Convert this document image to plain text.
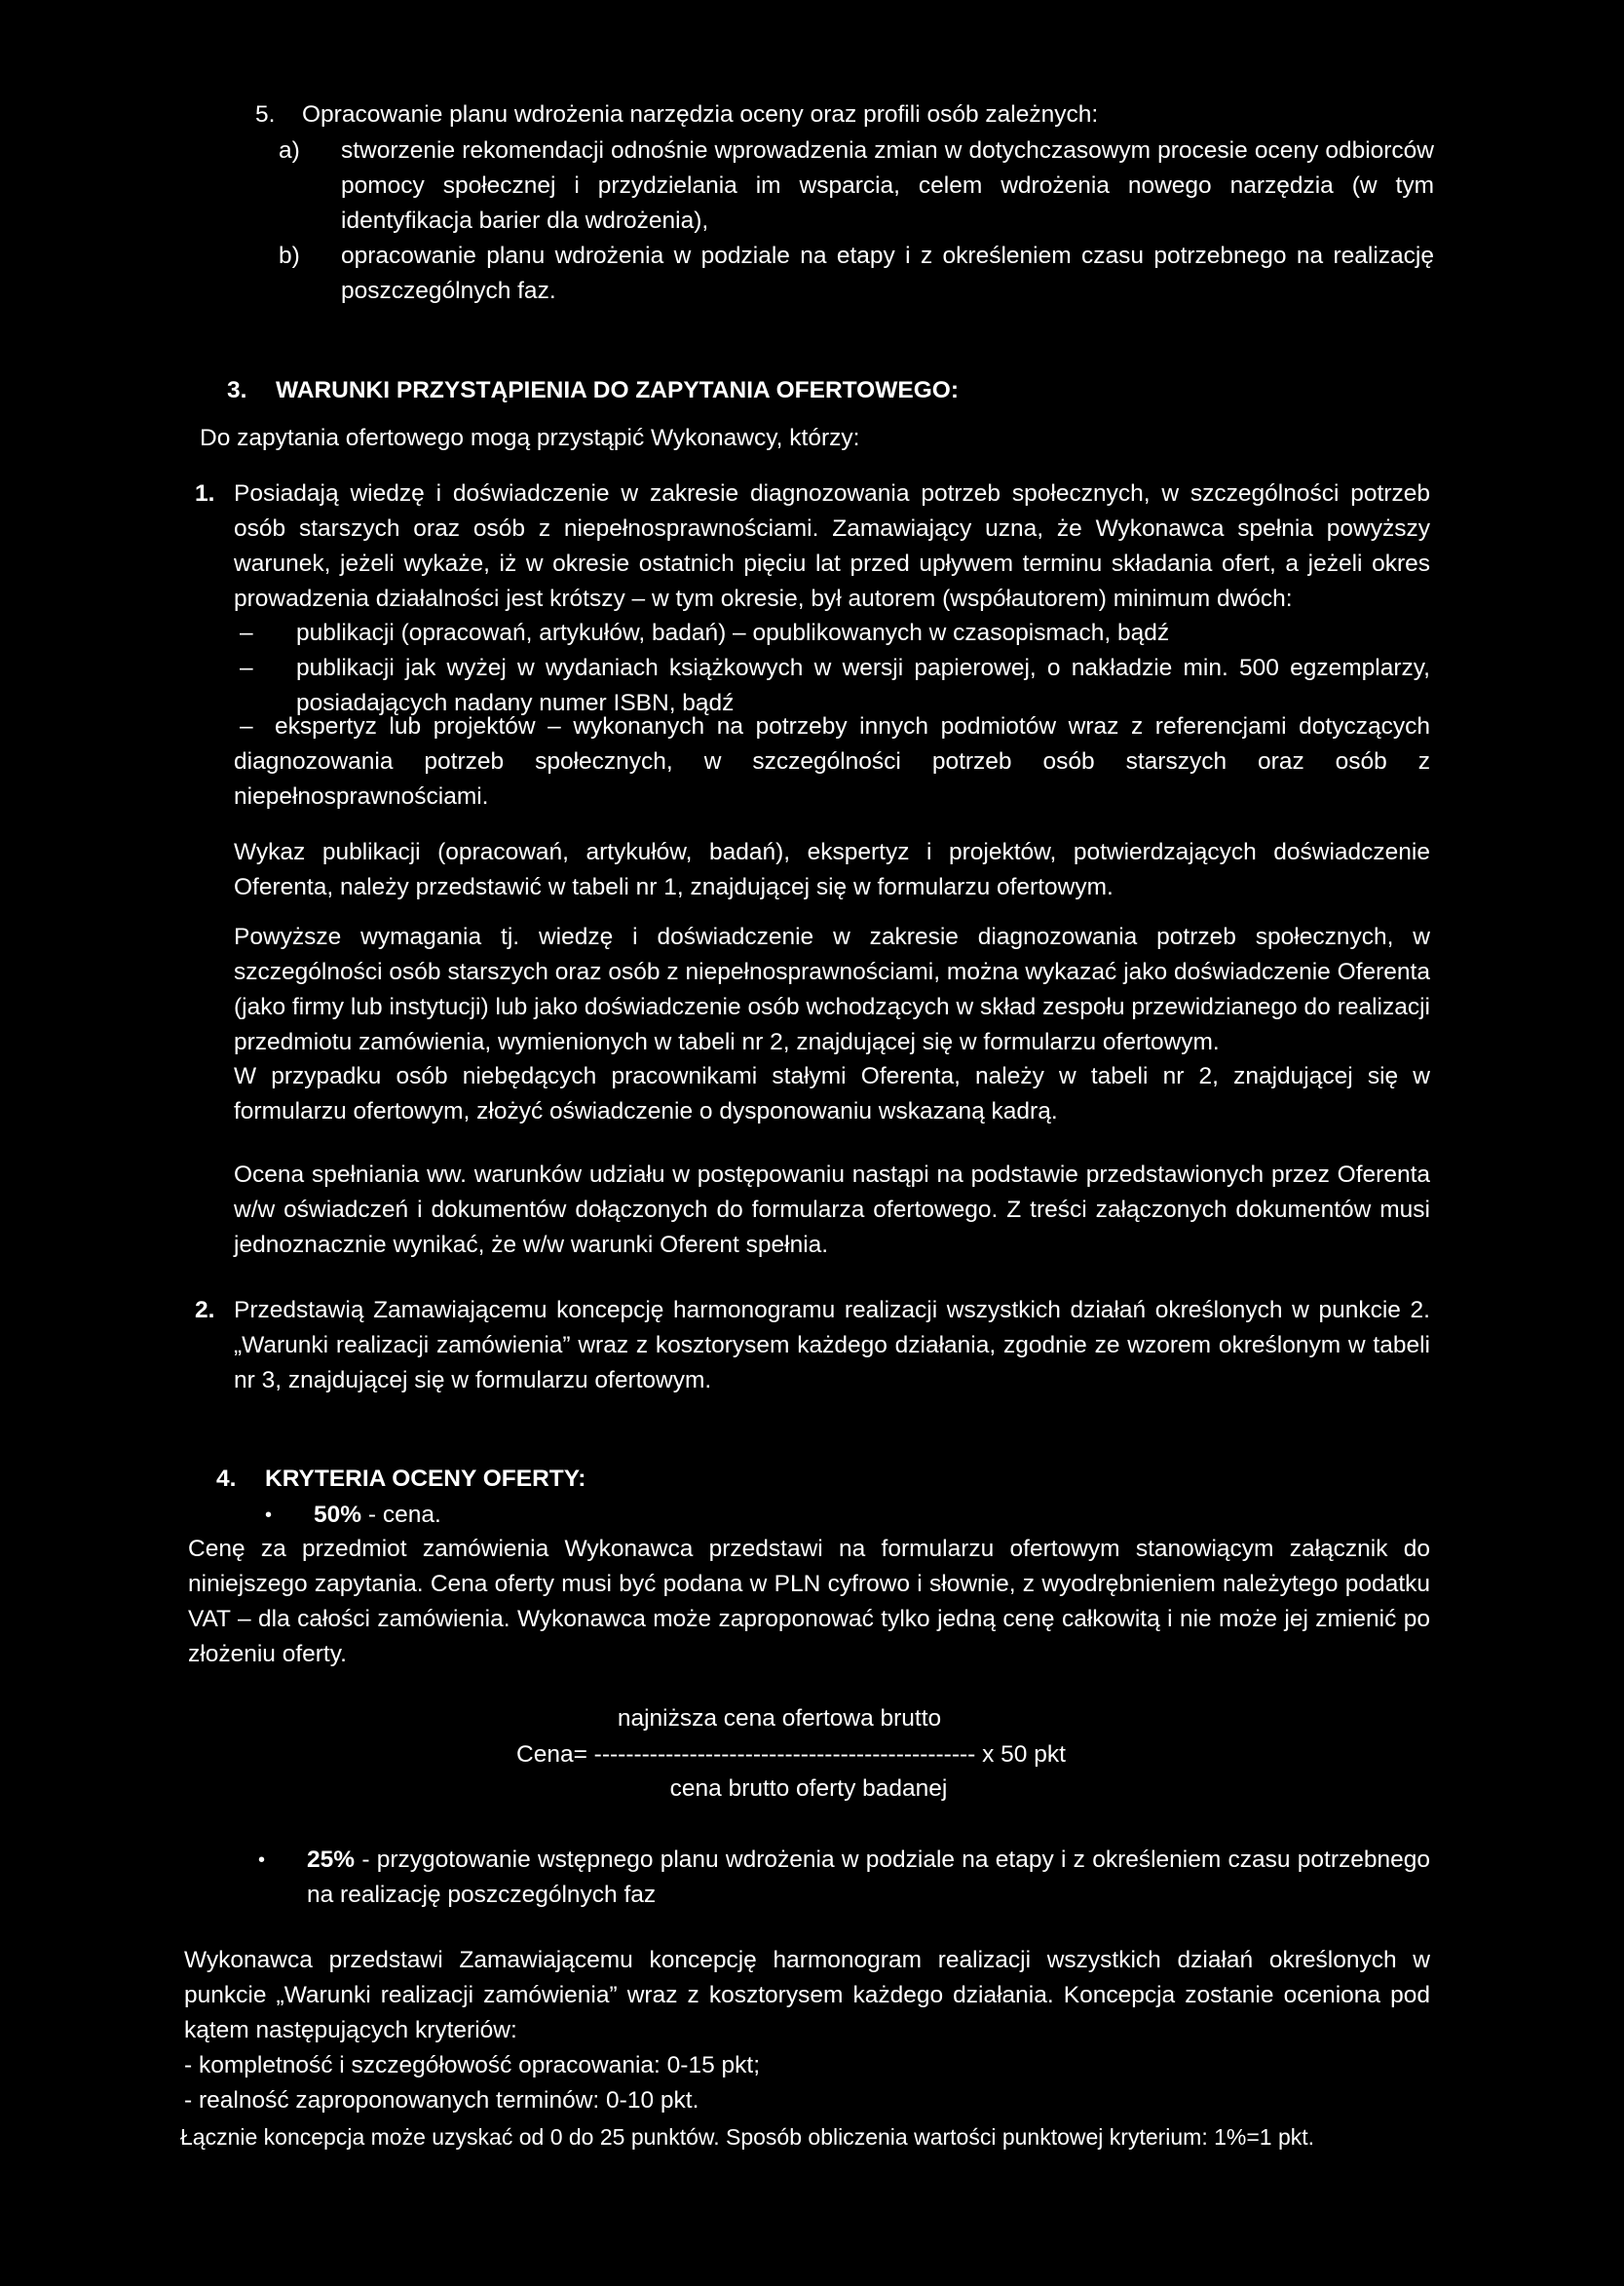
5. Opracowanie planu wdrożenia narzędzia oceny oraz profili osób zależnych:
a)	stworzenie rekomendacji odnośnie wprowadzenia zmian w dotychczasowym procesie oceny odbiorców pomocy społecznej i przydzielania im wsparcia, celem wdrożenia nowego narzędzia (w tym identyfikacja barier dla wdrożenia),
b)	opracowanie planu wdrożenia w podziale na etapy i z określeniem czasu potrzebnego na realizację poszczególnych faz.
3. WARUNKI PRZYSTĄPIENIA DO ZAPYTANIA OFERTOWEGO:
Do zapytania ofertowego mogą przystąpić Wykonawcy, którzy:
1. Posiadają wiedzę i doświadczenie w zakresie diagnozowania potrzeb społecznych, w szczególności potrzeb osób starszych oraz osób z niepełnosprawnościami. Zamawiający uzna, że Wykonawca spełnia powyższy warunek, jeżeli wykaże, iż w okresie ostatnich pięciu lat przed upływem terminu składania ofert, a jeżeli okres prowadzenia działalności jest krótszy – w tym okresie, był autorem (współautorem) minimum dwóch:
–	publikacji (opracowań, artykułów, badań) – opublikowanych w czasopismach, bądź
–	publikacji jak wyżej w wydaniach książkowych w wersji papierowej, o nakładzie min. 500 egzemplarzy, posiadających nadany numer ISBN, bądź
– ekspertyz lub projektów – wykonanych na potrzeby innych podmiotów wraz z referencjami dotyczących diagnozowania potrzeb społecznych, w szczególności potrzeb osób starszych oraz osób z niepełnosprawnościami.
Wykaz publikacji (opracowań, artykułów, badań), ekspertyz i projektów, potwierdzających doświadczenie Oferenta, należy przedstawić w tabeli nr 1, znajdującej się w formularzu ofertowym.
Powyższe wymagania tj. wiedzę i doświadczenie w zakresie diagnozowania potrzeb społecznych, w szczególności osób starszych oraz osób z niepełnosprawnościami, można wykazać jako doświadczenie Oferenta (jako firmy lub instytucji) lub jako doświadczenie osób wchodzących w skład zespołu przewidzianego do realizacji przedmiotu zamówienia, wymienionych w tabeli nr 2, znajdującej się w formularzu ofertowym.
W przypadku osób niebędących pracownikami stałymi Oferenta, należy w tabeli nr 2, znajdującej się w formularzu ofertowym, złożyć oświadczenie o dysponowaniu wskazaną kadrą.
Ocena spełniania ww. warunków udziału w postępowaniu nastąpi na podstawie przedstawionych przez Oferenta w/w oświadczeń i dokumentów dołączonych do formularza ofertowego. Z treści załączonych dokumentów musi jednoznacznie wynikać, że w/w warunki Oferent spełnia.
2. Przedstawią Zamawiającemu koncepcję harmonogramu realizacji wszystkich działań określonych w punkcie 2. „Warunki realizacji zamówienia” wraz z kosztorysem każdego działania, zgodnie ze wzorem określonym w tabeli nr 3, znajdującej się w formularzu ofertowym.
4. KRYTERIA OCENY OFERTY:
•	50% - cena.
Cenę za przedmiot zamówienia Wykonawca przedstawi na formularzu ofertowym stanowiącym załącznik do niniejszego zapytania. Cena oferty musi być podana w PLN cyfrowo i słownie, z wyodrębnieniem należytego podatku VAT – dla całości zamówienia. Wykonawca może zaproponować tylko jedną cenę całkowitą i nie może jej zmienić po złożeniu oferty.
najniższa cena ofertowa brutto
Cena= ------------------------------------------------ x 50 pkt
cena brutto oferty badanej
•	25% - przygotowanie wstępnego planu wdrożenia w podziale na etapy i z określeniem czasu potrzebnego na realizację poszczególnych faz
Wykonawca przedstawi Zamawiającemu koncepcję harmonogram realizacji wszystkich działań określonych w punkcie „Warunki realizacji zamówienia” wraz z kosztorysem każdego działania. Koncepcja zostanie oceniona pod kątem następujących kryteriów:
- kompletność i szczegółowość opracowania: 0-15 pkt;
- realność zaproponowanych terminów: 0-10 pkt.
Łącznie koncepcja może uzyskać od 0 do 25 punktów. Sposób obliczenia wartości punktowej kryterium: 1%=1 pkt.
